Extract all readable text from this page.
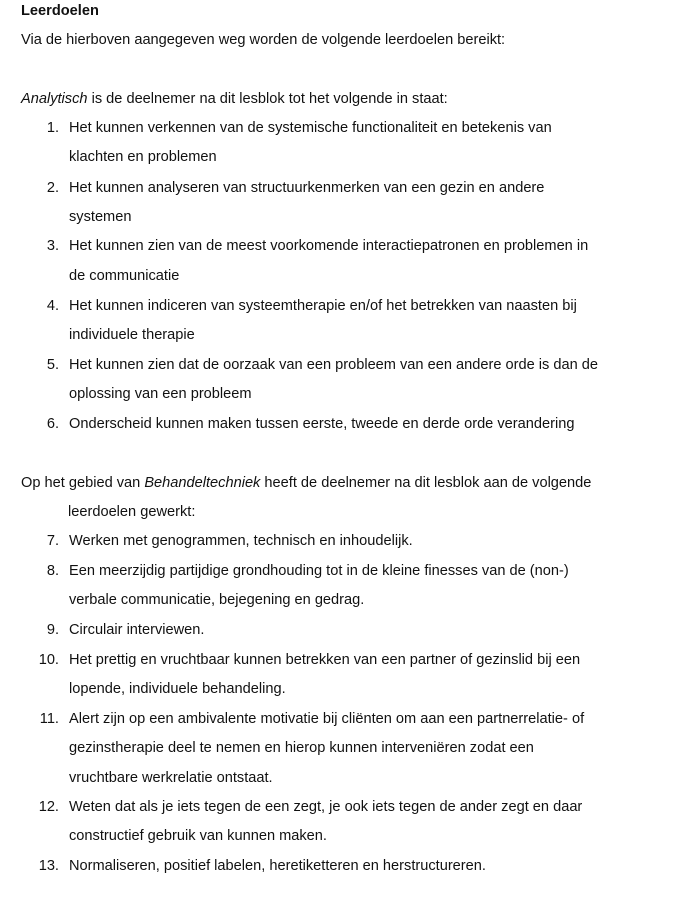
Leerdoelen
Via de hierboven aangegeven weg worden de volgende leerdoelen bereikt:
Analytisch is de deelnemer na dit lesblok tot het volgende in staat:
1. Het kunnen verkennen van de systemische functionaliteit en betekenis van
klachten en problemen
2. Het kunnen analyseren van structuurkenmerken van een gezin en andere
systemen
3. Het kunnen zien van de meest voorkomende interactiepatronen en problemen in
de communicatie
4. Het kunnen indiceren van systeemtherapie en/of het betrekken van naasten bij
individuele therapie
5. Het kunnen zien dat de oorzaak van een probleem van een andere orde is dan de
oplossing van een probleem
6. Onderscheid kunnen maken tussen eerste, tweede en derde orde verandering
Op het gebied van Behandeltechniek heeft de deelnemer na dit lesblok aan de volgende
leerdoelen gewerkt:
7. Werken met genogrammen, technisch en inhoudelijk.
8. Een meerzijdig partijdige grondhouding tot in de kleine finesses van de (non-)
verbale communicatie, bejegening en gedrag.
9. Circulair interviewen.
10. Het prettig en vruchtbaar kunnen betrekken van een partner of gezinslid bij een
lopende, individuele behandeling.
11. Alert zijn op een ambivalente motivatie bij cliënten om aan een partnerrelatie- of
gezinstherapie deel te nemen en hierop kunnen interveniëren zodat een
vruchtbare werkrelatie ontstaat.
12. Weten dat als je iets tegen de een zegt, je ook iets tegen de ander zegt en daar
constructief gebruik van kunnen maken.
13. Normaliseren, positief labelen, heretiketteren en herstructureren.
